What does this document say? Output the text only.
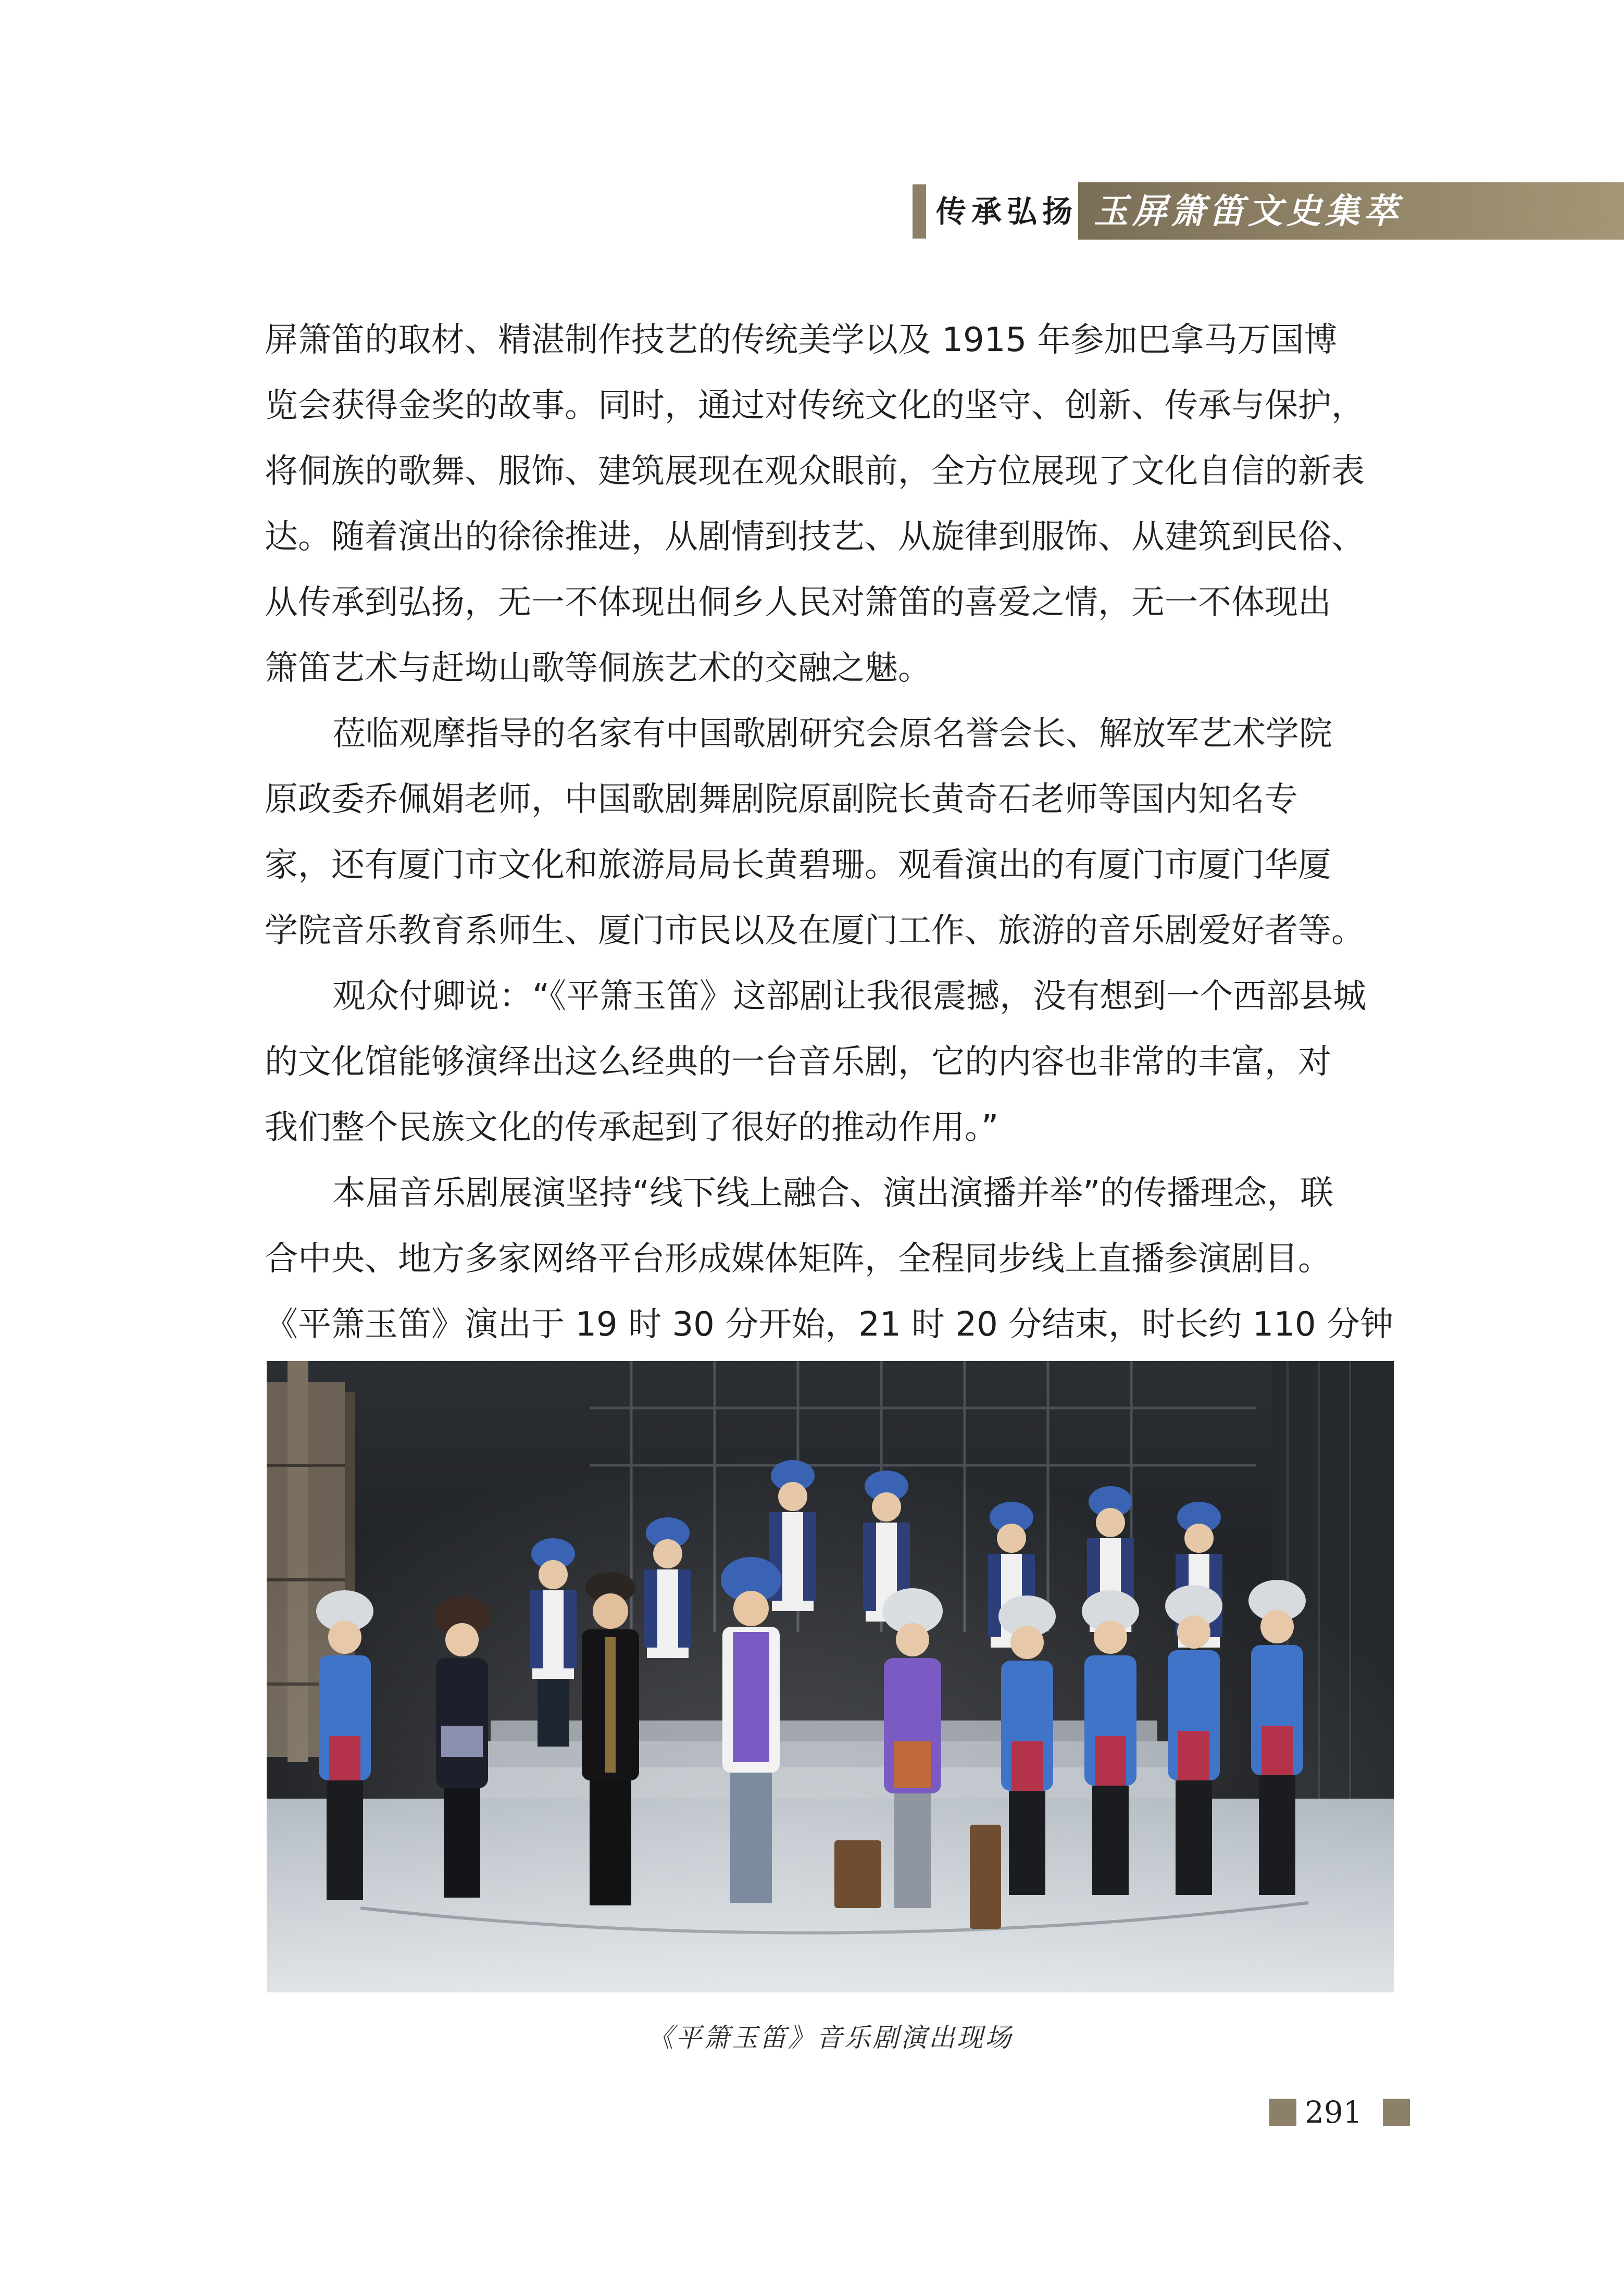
传承弘扬 玉屏箫笛文史集萃

屏箫笛的取材、精湛制作技艺的传统美学以及 1915 年参加巴拿马万国博
览会获得金奖的故事。同时，通过对传统文化的坚守、创新、传承与保护，
将侗族的歌舞、服饰、建筑展现在观众眼前，全方位展现了文化自信的新表
达。随着演出的徐徐推进，从剧情到技艺、从旋律到服饰、从建筑到民俗、
从传承到弘扬，无一不体现出侗乡人民对箫笛的喜爱之情，无一不体现出
箫笛艺术与赶坳山歌等侗族艺术的交融之魅。

莅临观摩指导的名家有中国歌剧研究会原名誉会长、解放军艺术学院
原政委乔佩娟老师，中国歌剧舞剧院原副院长黄奇石老师等国内知名专
家，还有厦门市文化和旅游局局长黄碧珊。观看演出的有厦门市厦门华厦
学院音乐教育系师生、厦门市民以及在厦门工作、旅游的音乐剧爱好者等。

观众付卿说：“《平箫玉笛》这部剧让我很震撼，没有想到一个西部县城
的文化馆能够演绎出这么经典的一台音乐剧，它的内容也非常的丰富，对
我们整个民族文化的传承起到了很好的推动作用。”

本届音乐剧展演坚持“线下线上融合、演出演播并举”的传播理念，联
合中央、地方多家网络平台形成媒体矩阵，全程同步线上直播参演剧目。
《平箫玉笛》演出于 19 时 30 分开始，21 时 20 分结束，时长约 110 分钟

《平箫玉笛》音乐剧演出现场
291
